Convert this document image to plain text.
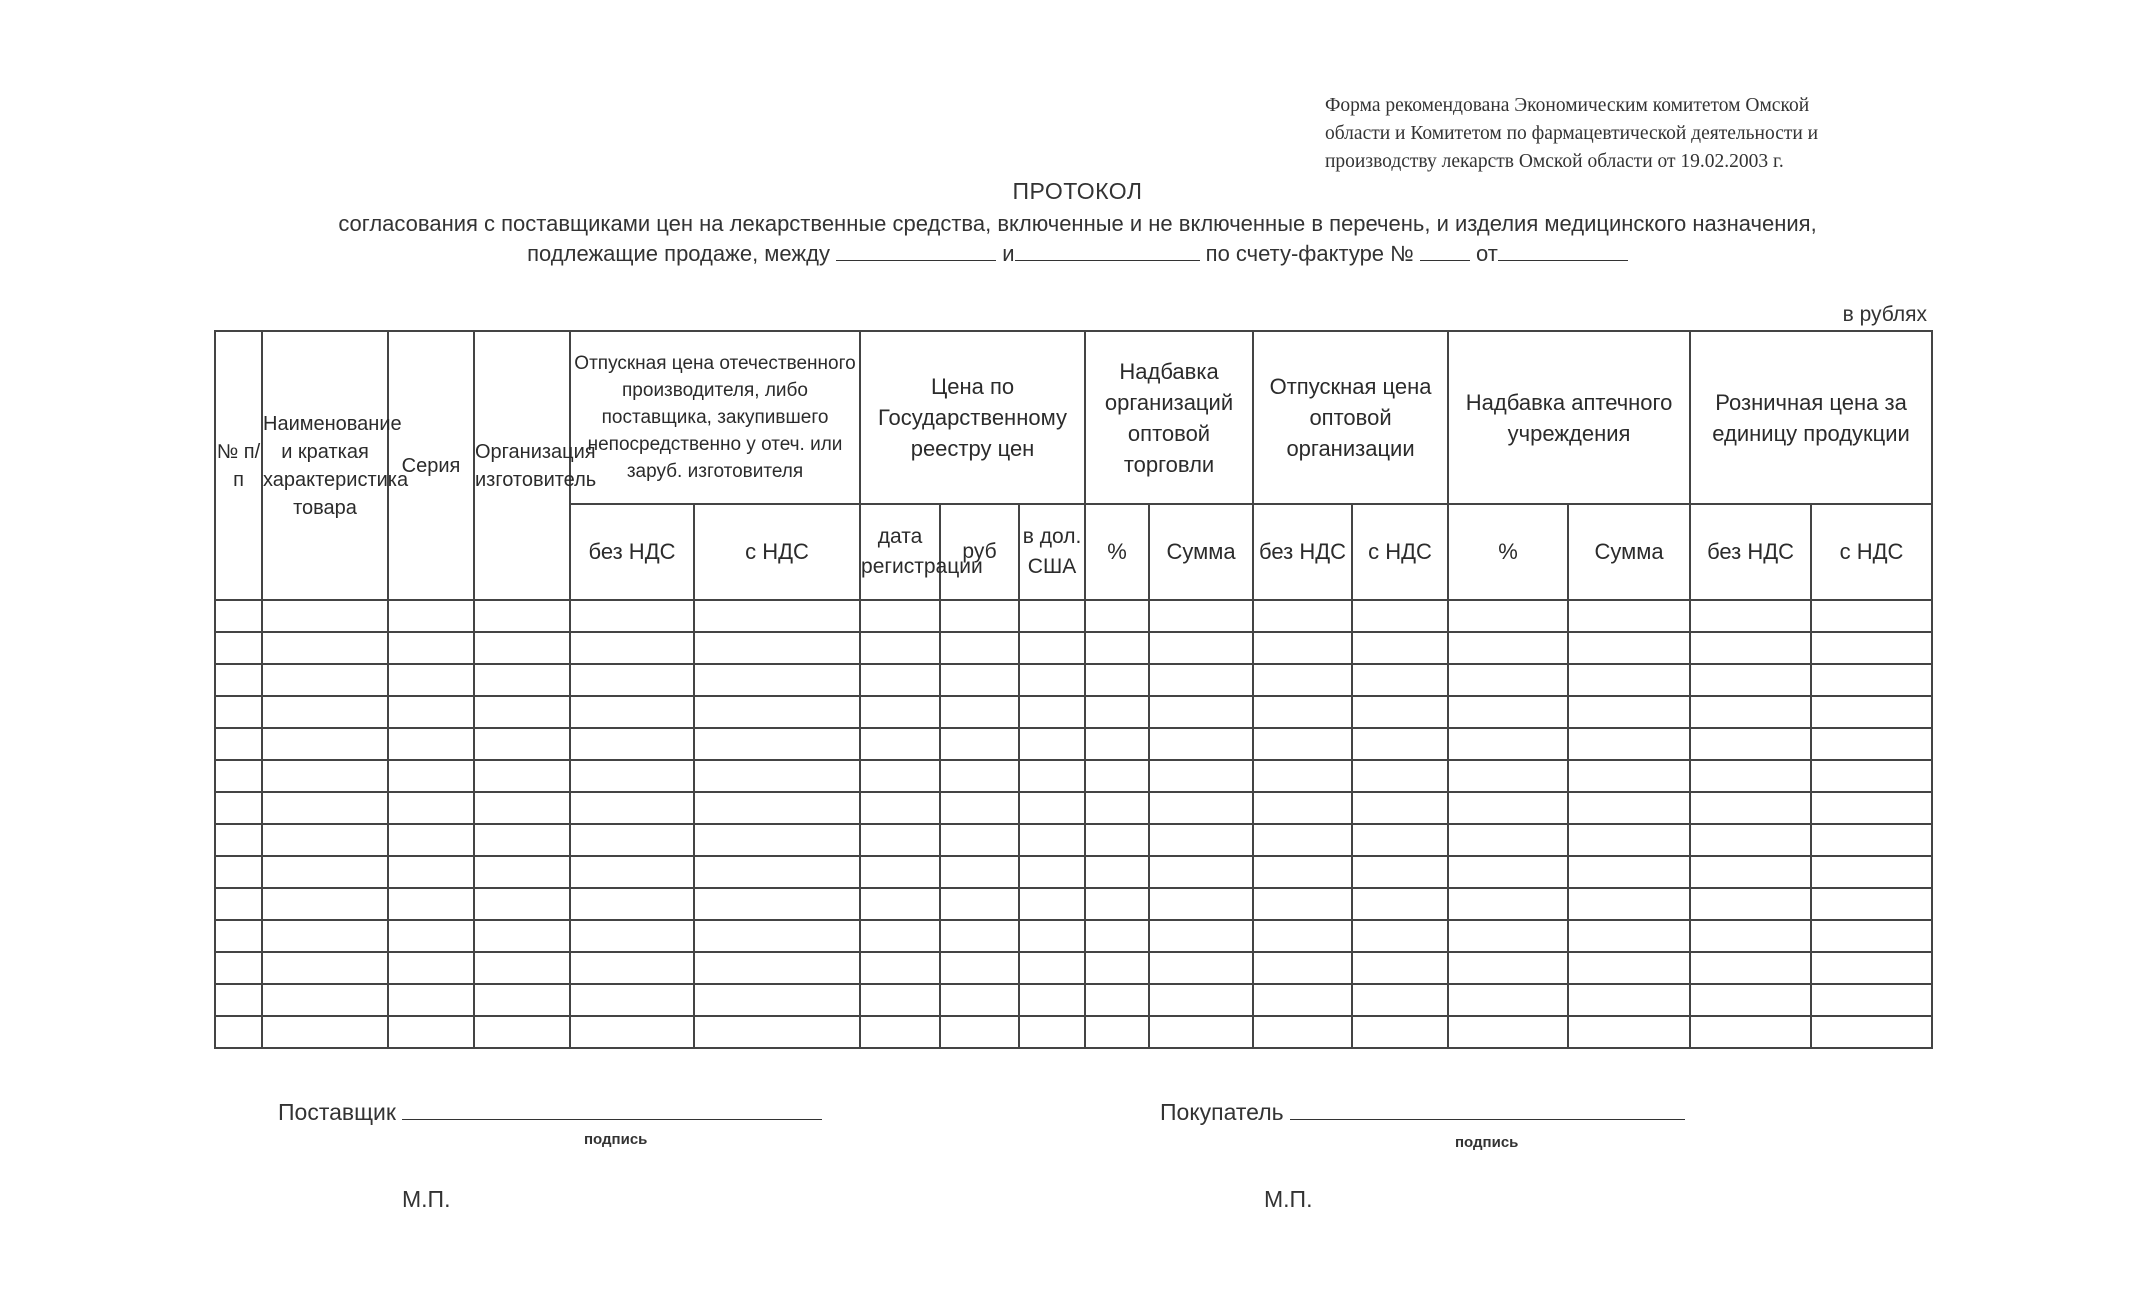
Форма рекомендована Экономическим комитетом Омской
области и Комитетом по фармацевтической деятельности и
производству лекарств Омской области от 19.02.2003 г.
ПРОТОКОЛ
согласования с поставщиками цен на лекарственные средства, включенные и не включенные в перечень, и изделия медицинского назначения,
подлежащие продаже, между	и	по счету-фактуре №	от
в рублях
№ п/п	Наименование и краткая характеристика товара	Серия	Организация изготовитель	Отпускная цена отечественного производителя, либо поставщика, закупившего непосредственно у отеч. или заруб. изготовителя		Цена по Государственному реестру цен			Надбавка организаций оптовой торговли		Отпускная цена оптовой организации		Надбавка аптечного учреждения		Розничная цена за единицу продукции	
				без НДС	с НДС	дата регистрации	руб	в дол. США	%	Сумма	без НДС	с НДС	%	Сумма	без НДС	с НДС

Поставщик
подпись
М.П.
Покупатель
подпись
М.П.
